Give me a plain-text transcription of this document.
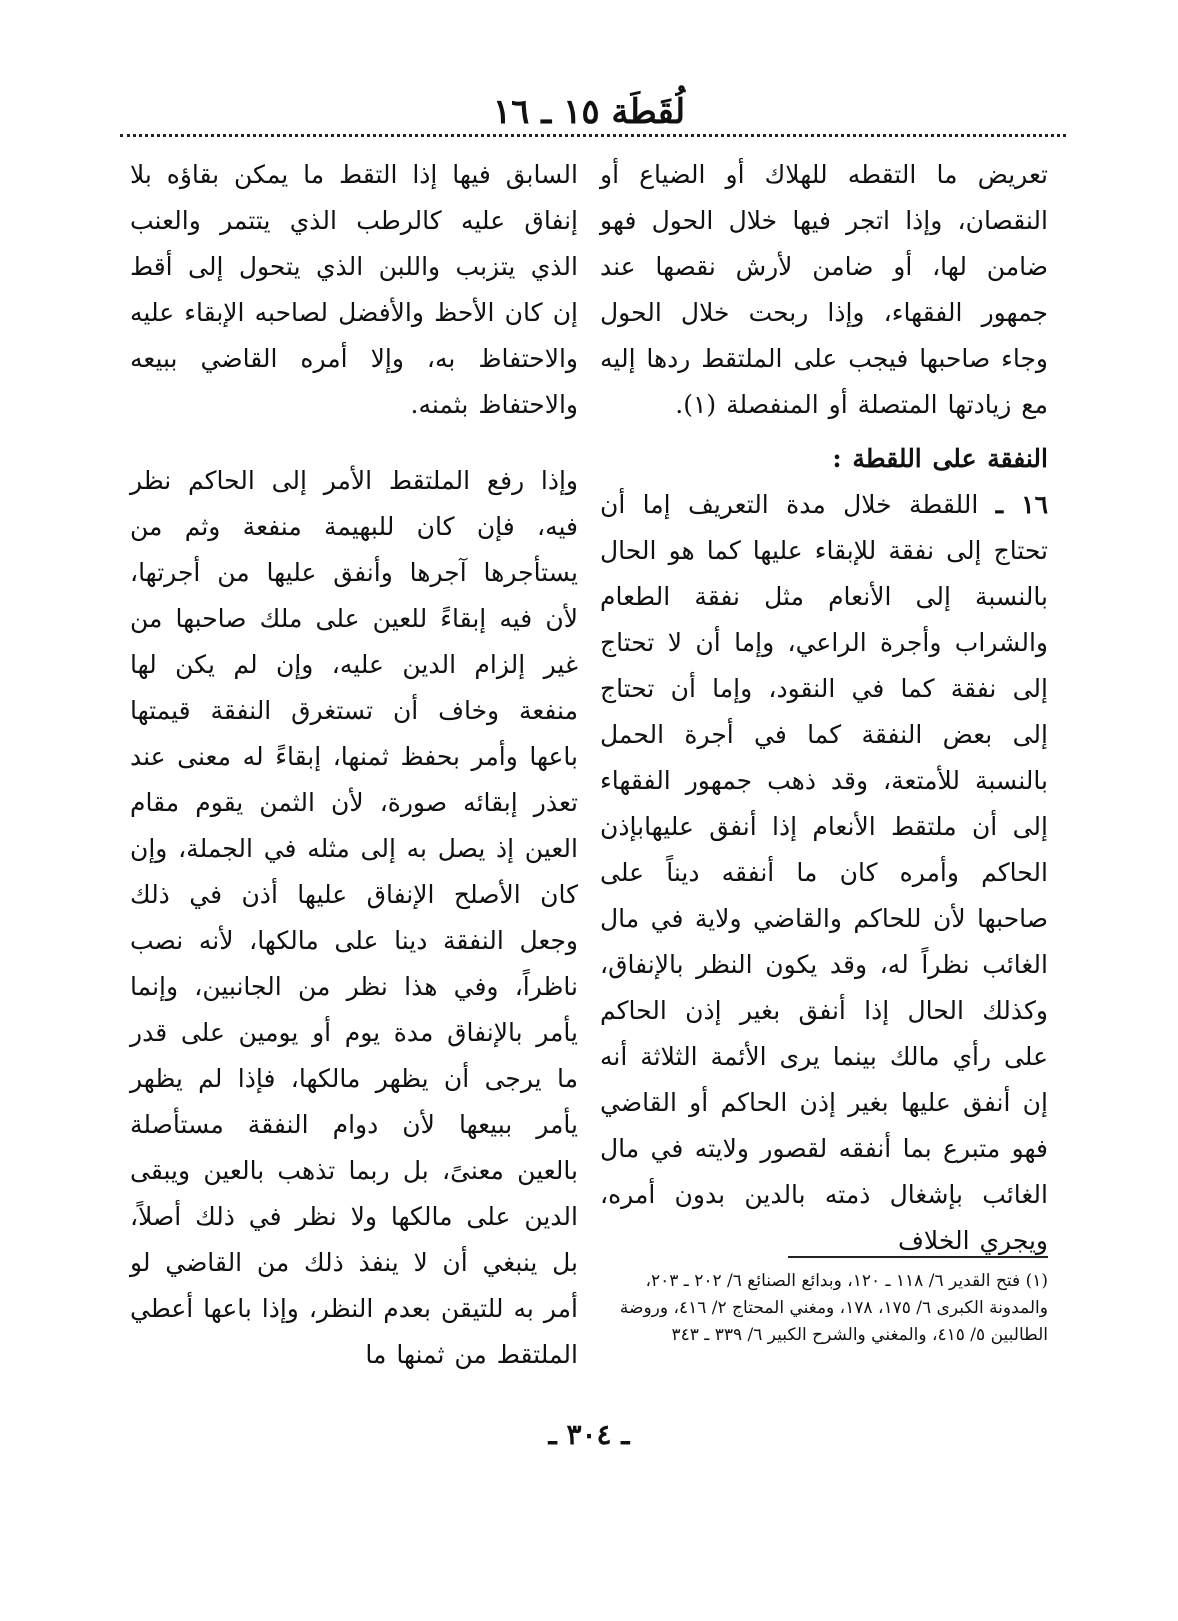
لُقَطَة ١٥ ـ ١٦

تعريض ما التقطه للهلاك أو الضياع أو النقصان، وإذا اتجر فيها خلال الحول فهو ضامن لها، أو ضامن لأرش نقصها عند جمهور الفقهاء، وإذا ربحت خلال الحول وجاء صاحبها فيجب على الملتقط ردها إليه مع زيادتها المتصلة أو المنفصلة (١).

النفقة على اللقطة :

١٦ ـ اللقطة خلال مدة التعريف إما أن تحتاج إلى نفقة للإبقاء عليها كما هو الحال بالنسبة إلى الأنعام مثل نفقة الطعام والشراب وأجرة الراعي، وإما أن لا تحتاج إلى نفقة كما في النقود، وإما أن تحتاج إلى بعض النفقة كما في أجرة الحمل بالنسبة للأمتعة، وقد ذهب جمهور الفقهاء إلى أن ملتقط الأنعام إذا أنفق عليهابإذن الحاكم وأمره كان ما أنفقه ديناً على صاحبها لأن للحاكم والقاضي ولاية في مال الغائب نظراً له، وقد يكون النظر بالإنفاق، وكذلك الحال إذا أنفق بغير إذن الحاكم على رأي مالك بينما يرى الأئمة الثلاثة أنه إن أنفق عليها بغير إذن الحاكم أو القاضي فهو متبرع بما أنفقه لقصور ولايته في مال الغائب بإشغال ذمته بالدين بدون أمره، ويجري الخلاف

السابق فيها إذا التقط ما يمكن بقاؤه بلا إنفاق عليه كالرطب الذي يتتمر والعنب الذي يتزبب واللبن الذي يتحول إلى أقط إن كان الأحظ والأفضل لصاحبه الإبقاء عليه والاحتفاظ به، وإلا أمره القاضي ببيعه والاحتفاظ بثمنه.

وإذا رفع الملتقط الأمر إلى الحاكم نظر فيه، فإن كان للبهيمة منفعة وثم من يستأجرها آجرها وأنفق عليها من أجرتها، لأن فيه إبقاءً للعين على ملك صاحبها من غير إلزام الدين عليه، وإن لم يكن لها منفعة وخاف أن تستغرق النفقة قيمتها باعها وأمر بحفظ ثمنها، إبقاءً له معنى عند تعذر إبقائه صورة، لأن الثمن يقوم مقام العين إذ يصل به إلى مثله في الجملة، وإن كان الأصلح الإنفاق عليها أذن في ذلك وجعل النفقة دينا على مالكها، لأنه نصب ناظراً، وفي هذا نظر من الجانبين، وإنما يأمر بالإنفاق مدة يوم أو يومين على قدر ما يرجى أن يظهر مالكها، فإذا لم يظهر يأمر ببيعها لأن دوام النفقة مستأصلة بالعين معنىً، بل ربما تذهب بالعين ويبقى الدين على مالكها ولا نظر في ذلك أصلاً، بل ينبغي أن لا ينفذ ذلك من القاضي لو أمر به للتيقن بعدم النظر، وإذا باعها أعطي الملتقط من ثمنها ما

(١) فتح القدير ٦/ ١١٨ ـ ١٢٠، وبدائع الصنائع ٦/ ٢٠٢ ـ ٢٠٣، والمدونة الكبرى ٦/ ١٧٥، ١٧٨، ومغني المحتاج ٢/ ٤١٦، وروضة الطالبين ٥/ ٤١٥، والمغني والشرح الكبير ٦/ ٣٣٩ ـ ٣٤٣
ـ ٣٠٤ ـ
